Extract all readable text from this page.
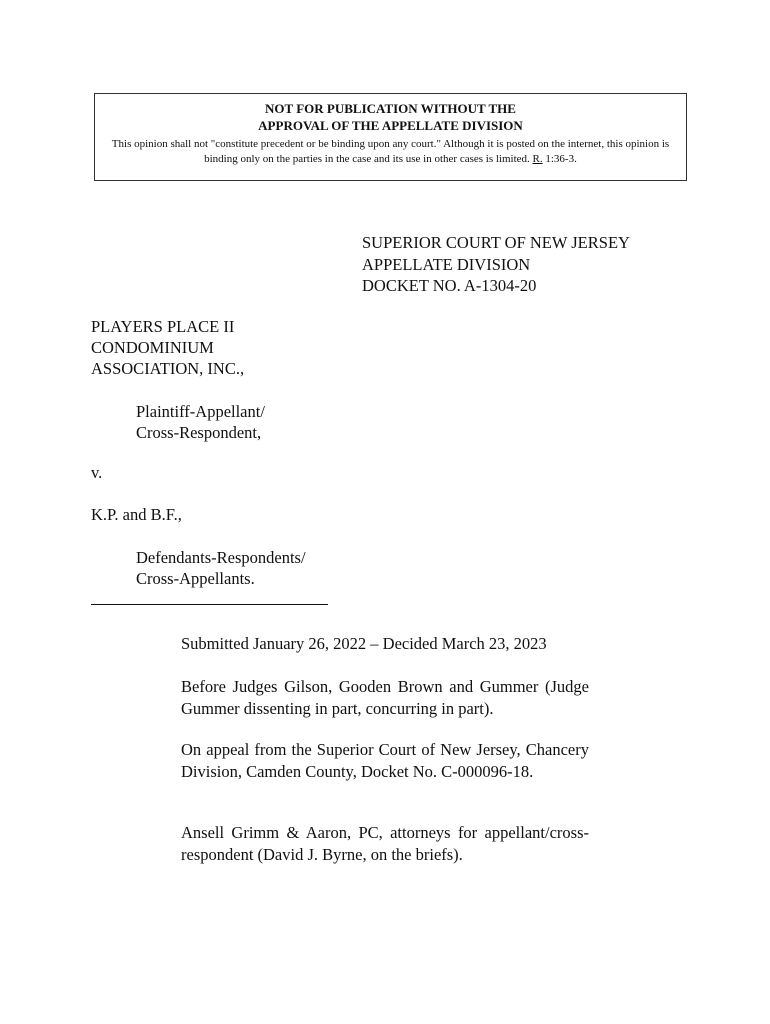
NOT FOR PUBLICATION WITHOUT THE
APPROVAL OF THE APPELLATE DIVISION
This opinion shall not "constitute precedent or be binding upon any court." Although it is posted on the internet, this opinion is binding only on the parties in the case and its use in other cases is limited. R. 1:36-3.
SUPERIOR COURT OF NEW JERSEY
APPELLATE DIVISION
DOCKET NO. A-1304-20
PLAYERS PLACE II
CONDOMINIUM
ASSOCIATION, INC.,
Plaintiff-Appellant/
Cross-Respondent,
v.
K.P. and B.F.,
Defendants-Respondents/
Cross-Appellants.
Submitted January 26, 2022 – Decided March 23, 2023
Before Judges Gilson, Gooden Brown and Gummer (Judge Gummer dissenting in part, concurring in part).
On appeal from the Superior Court of New Jersey, Chancery Division, Camden County, Docket No. C-000096-18.
Ansell Grimm & Aaron, PC, attorneys for appellant/cross-respondent (David J. Byrne, on the briefs).
